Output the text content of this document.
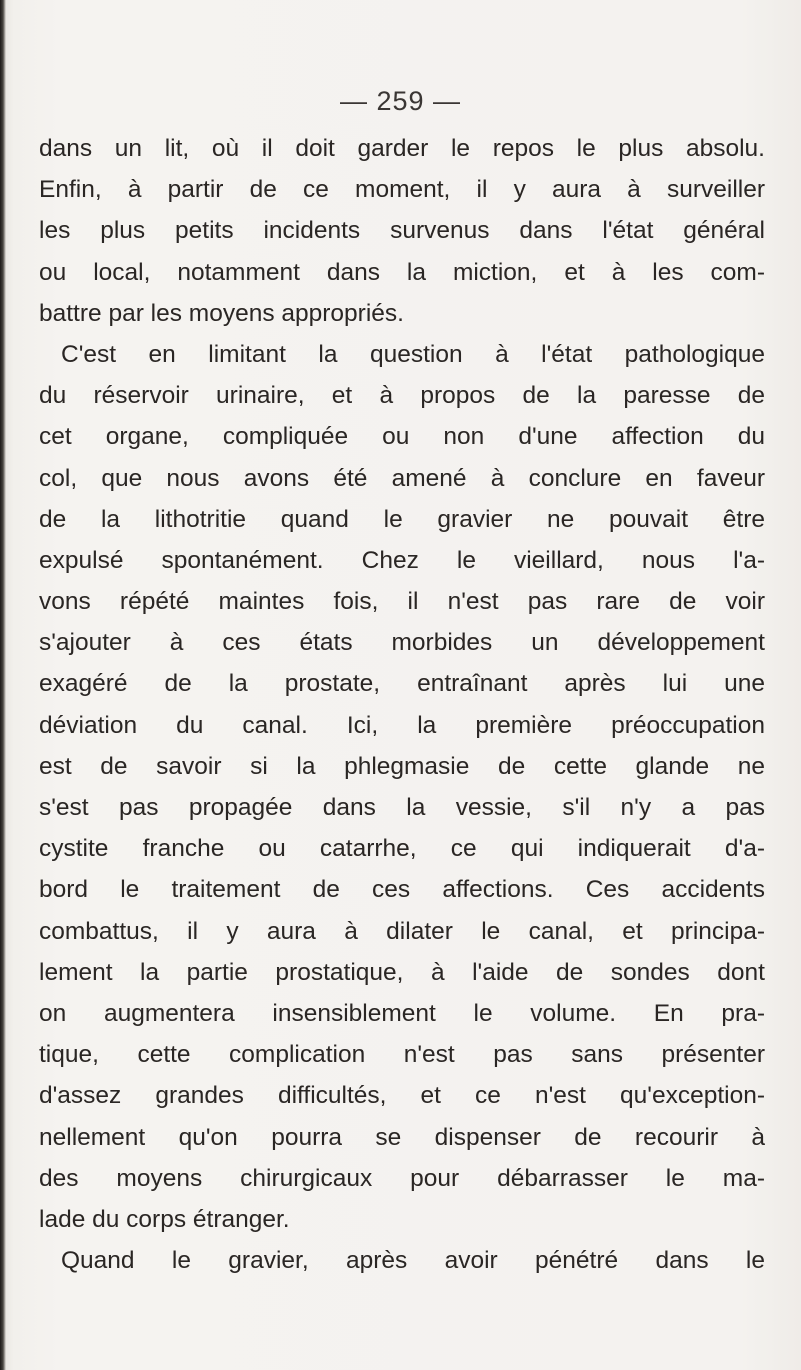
— 259 —
dans un lit, où il doit garder le repos le plus absolu.
Enfin, à partir de ce moment, il y aura à surveiller
les plus petits incidents survenus dans l'état général
ou local, notamment dans la miction, et à les com-
battre par les moyens appropriés.
C'est en limitant la question à l'état pathologique
du réservoir urinaire, et à propos de la paresse de
cet organe, compliquée ou non d'une affection du
col, que nous avons été amené à conclure en faveur
de la lithotritie quand le gravier ne pouvait être
expulsé spontanément. Chez le vieillard, nous l'a-
vons répété maintes fois, il n'est pas rare de voir
s'ajouter à ces états morbides un développement
exagéré de la prostate, entraînant après lui une
déviation du canal. Ici, la première préoccupation
est de savoir si la phlegmasie de cette glande ne
s'est pas propagée dans la vessie, s'il n'y a pas
cystite franche ou catarrhe, ce qui indiquerait d'a-
bord le traitement de ces affections. Ces accidents
combattus, il y aura à dilater le canal, et principa-
lement la partie prostatique, à l'aide de sondes dont
on augmentera insensiblement le volume. En pra-
tique, cette complication n'est pas sans présenter
d'assez grandes difficultés, et ce n'est qu'exception-
nellement qu'on pourra se dispenser de recourir à
des moyens chirurgicaux pour débarrasser le ma-
lade du corps étranger.
Quand le gravier, après avoir pénétré dans le
